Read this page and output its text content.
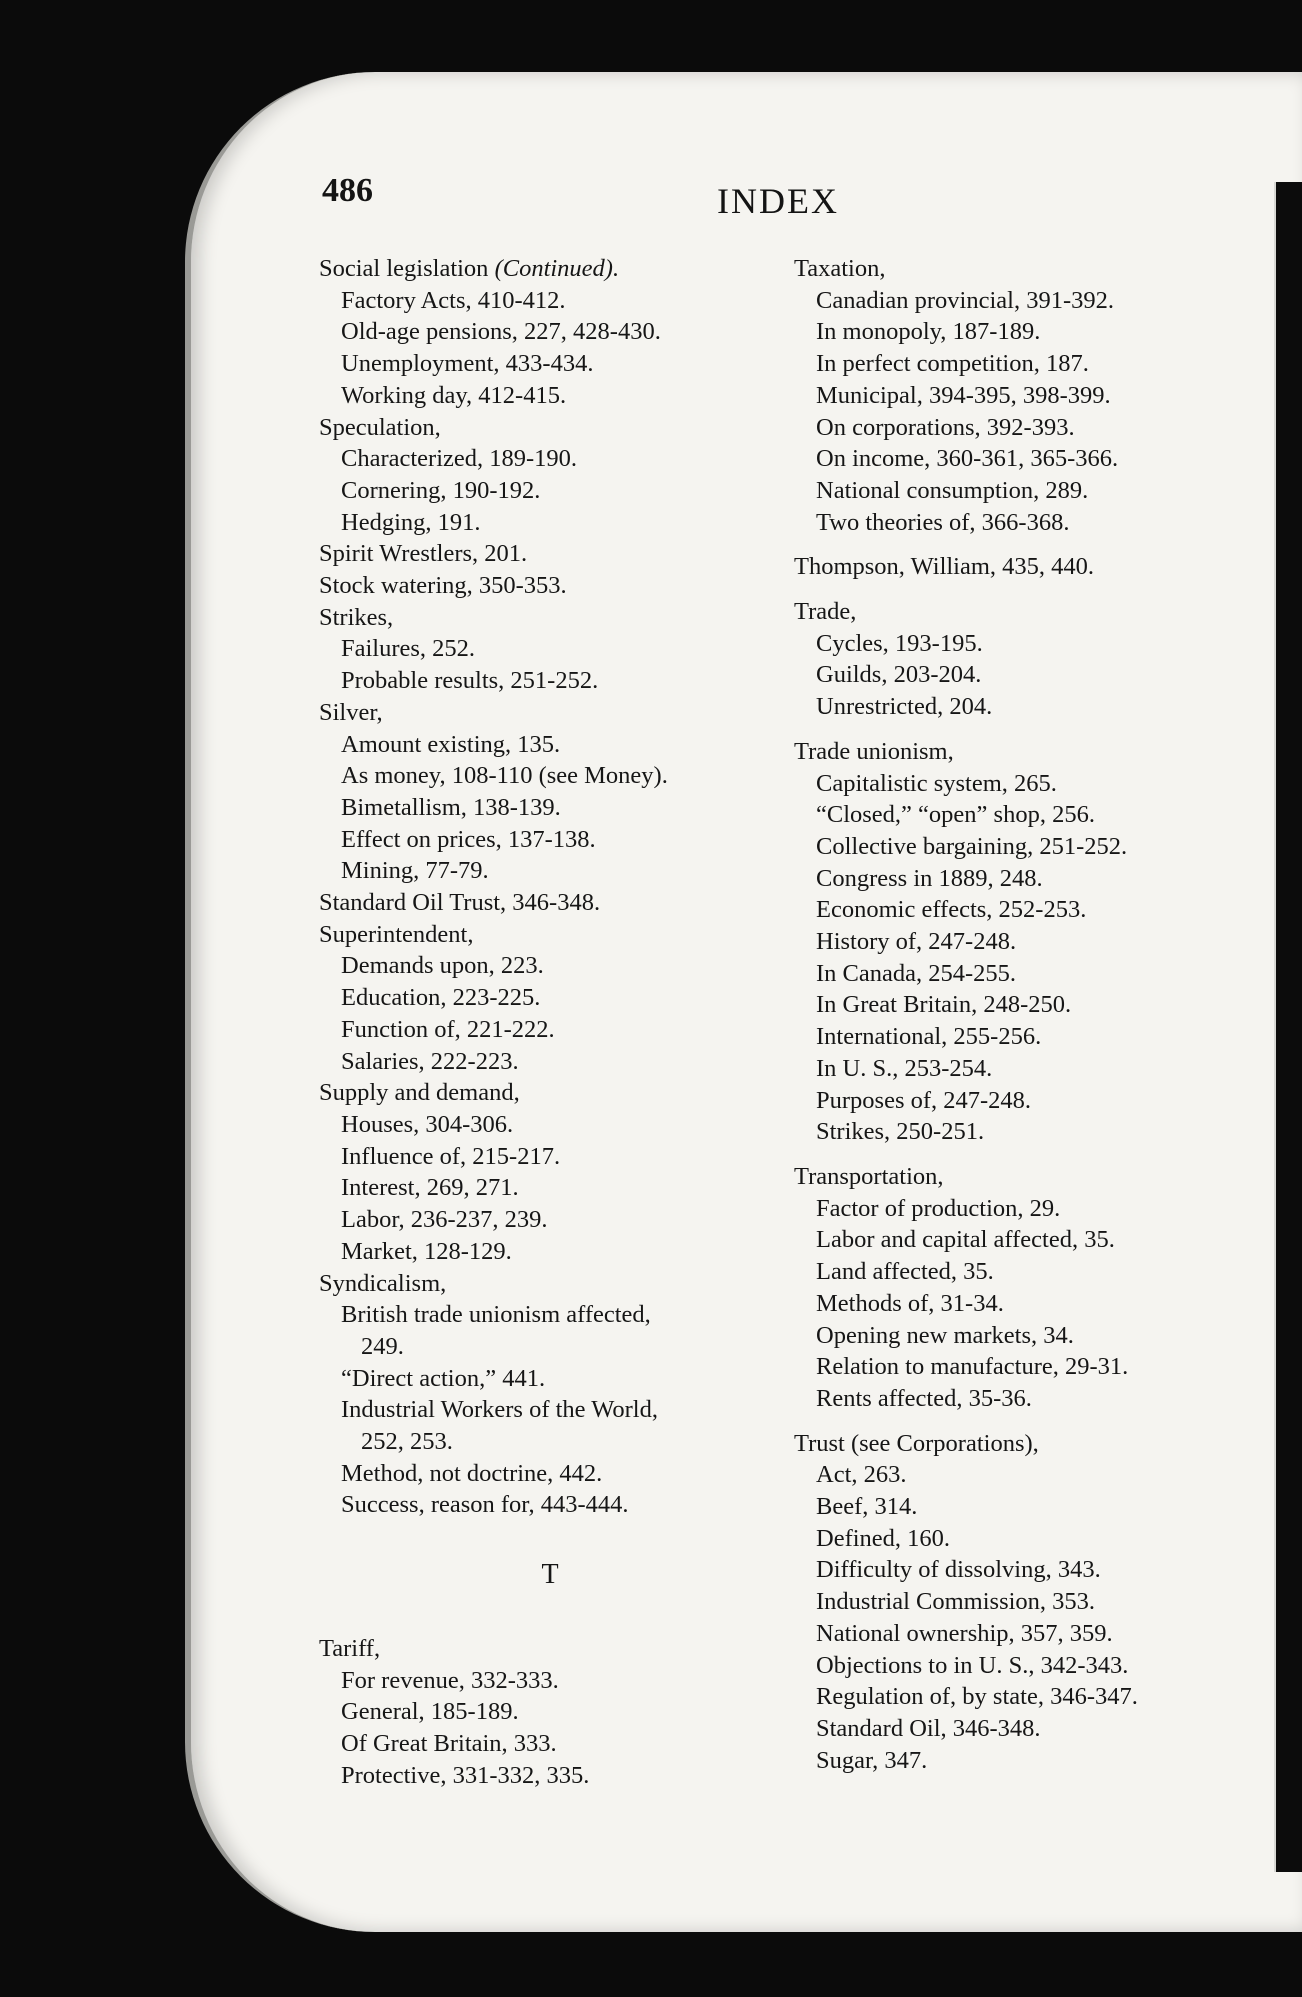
486	INDEX
Social legislation (Continued).
Factory Acts, 410-412.
Old-age pensions, 227, 428-430.
Unemployment, 433-434.
Working day, 412-415.
Speculation,
Characterized, 189-190.
Cornering, 190-192.
Hedging, 191.
Spirit Wrestlers, 201.
Stock watering, 350-353.
Strikes,
Failures, 252.
Probable results, 251-252.
Silver,
Amount existing, 135.
As money, 108-110 (see Money).
Bimetallism, 138-139.
Effect on prices, 137-138.
Mining, 77-79.
Standard Oil Trust, 346-348.
Superintendent,
Demands upon, 223.
Education, 223-225.
Function of, 221-222.
Salaries, 222-223.
Supply and demand,
Houses, 304-306.
Influence of, 215-217.
Interest, 269, 271.
Labor, 236-237, 239.
Market, 128-129.
Syndicalism,
British trade unionism affected,
249.
“Direct action,” 441.
Industrial Workers of the World,
252, 253.
Method, not doctrine, 442.
Success, reason for, 443-444.
T
Tariff,
For revenue, 332-333.
General, 185-189.
Of Great Britain, 333.
Protective, 331-332, 335.
Taxation,
Canadian provincial, 391-392.
In monopoly, 187-189.
In perfect competition, 187.
Municipal, 394-395, 398-399.
On corporations, 392-393.
On income, 360-361, 365-366.
National consumption, 289.
Two theories of, 366-368.
Thompson, William, 435, 440.
Trade,
Cycles, 193-195.
Guilds, 203-204.
Unrestricted, 204.
Trade unionism,
Capitalistic system, 265.
“Closed,” “open” shop, 256.
Collective bargaining, 251-252.
Congress in 1889, 248.
Economic effects, 252-253.
History of, 247-248.
In Canada, 254-255.
In Great Britain, 248-250.
International, 255-256.
In U. S., 253-254.
Purposes of, 247-248.
Strikes, 250-251.
Transportation,
Factor of production, 29.
Labor and capital affected, 35.
Land affected, 35.
Methods of, 31-34.
Opening new markets, 34.
Relation to manufacture, 29-31.
Rents affected, 35-36.
Trust (see Corporations),
Act, 263.
Beef, 314.
Defined, 160.
Difficulty of dissolving, 343.
Industrial Commission, 353.
National ownership, 357, 359.
Objections to in U. S., 342-343.
Regulation of, by state, 346-347.
Standard Oil, 346-348.
Sugar, 347.
